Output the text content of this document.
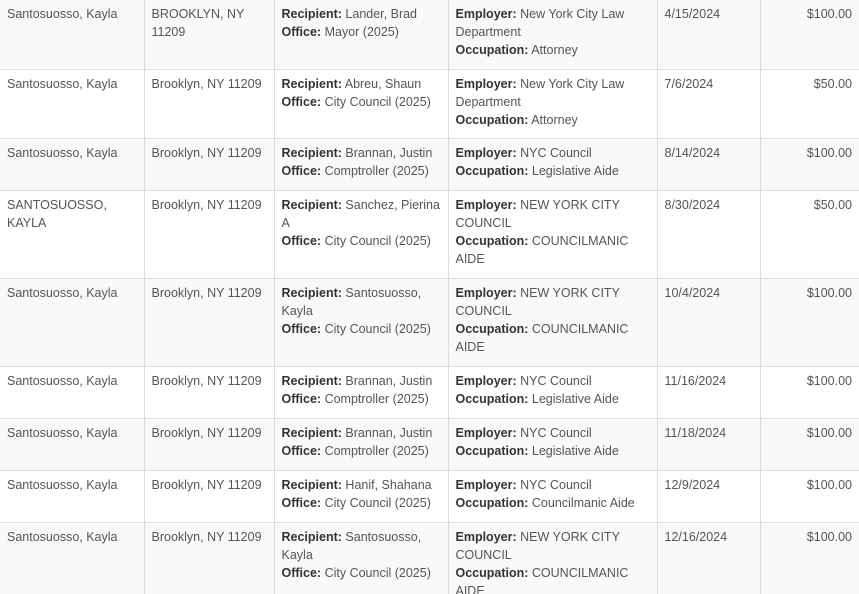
Santosuosso, Kayla	BROOKLYN, NY 11209	Recipient: Lander, Brad
Office: Mayor (2025)	Employer: New York City Law Department
Occupation: Attorney	4/15/2024	$100.00
Santosuosso, Kayla	Brooklyn, NY 11209	Recipient: Abreu, Shaun
Office: City Council (2025)	Employer: New York City Law Department
Occupation: Attorney	7/6/2024	$50.00
Santosuosso, Kayla	Brooklyn, NY 11209	Recipient: Brannan, Justin
Office: Comptroller (2025)	Employer: NYC Council
Occupation: Legislative Aide	8/14/2024	$100.00
SANTOSUOSSO, KAYLA	Brooklyn, NY 11209	Recipient: Sanchez, Pierina A
Office: City Council (2025)	Employer: NEW YORK CITY COUNCIL
Occupation: COUNCILMANIC AIDE	8/30/2024	$50.00
Santosuosso, Kayla	Brooklyn, NY 11209	Recipient: Santosuosso, Kayla
Office: City Council (2025)	Employer: NEW YORK CITY COUNCIL
Occupation: COUNCILMANIC AIDE	10/4/2024	$100.00
Santosuosso, Kayla	Brooklyn, NY 11209	Recipient: Brannan, Justin
Office: Comptroller (2025)	Employer: NYC Council
Occupation: Legislative Aide	11/16/2024	$100.00
Santosuosso, Kayla	Brooklyn, NY 11209	Recipient: Brannan, Justin
Office: Comptroller (2025)	Employer: NYC Council
Occupation: Legislative Aide	11/18/2024	$100.00
Santosuosso, Kayla	Brooklyn, NY 11209	Recipient: Hanif, Shahana
Office: City Council (2025)	Employer: NYC Council
Occupation: Councilmanic Aide	12/9/2024	$100.00
Santosuosso, Kayla	Brooklyn, NY 11209	Recipient: Santosuosso, Kayla
Office: City Council (2025)	Employer: NEW YORK CITY COUNCIL
Occupation: COUNCILMANIC AIDE	12/16/2024	$100.00
